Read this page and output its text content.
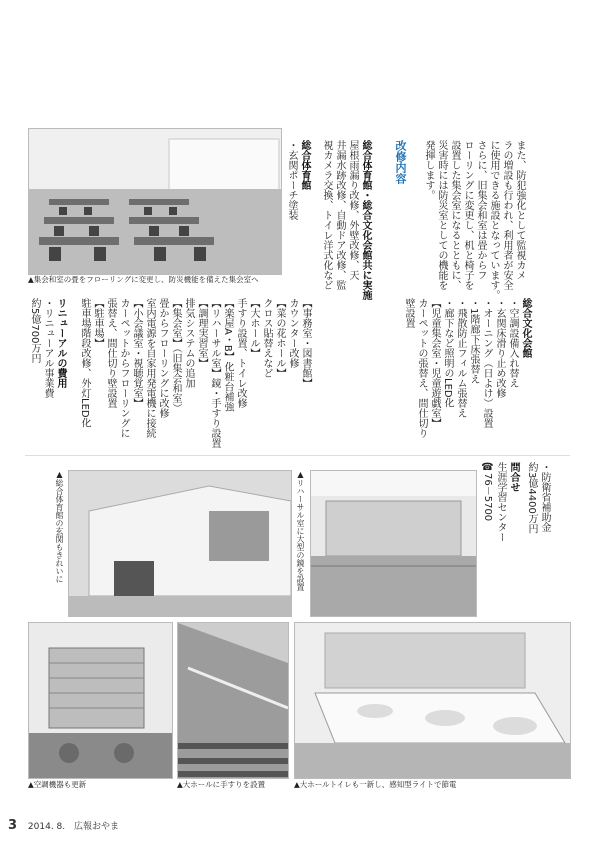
また、防犯強化として監視カメ
ラの増設も行われ、利用者が安全
に使用できる施設となっています。
さらに、旧集会和室は畳からフ
ローリングに変更し、机と椅子を
設置した集会室になるとともに、
災害時には防災室としての機能を
発揮します。
改修内容
総合体育館・総合文化会館共に実施
屋根雨漏り改修、外壁改修、天
井漏水跡改修、自動ドア改修、監
視カメラ交換、トイレ洋式化など
総合体育館
・玄関ポーチ塗装
▲集会和室の畳をフローリングに変更し、防災機能を備えた集会室へ
総合文化会館
・空調設備入れ替え
・玄関床滑り止め改修
・オーニング（日よけ）設置
・1階廊下床張替え
・飛散防止フィルム張替え
・廊下など照明のLED化
【児童集会室・児童遊戯室】
カーペットの張替え、間仕切り
壁設置
【事務室・図書館】
カウンター改修
【菜の花ホール】
クロス貼替えなど
【大ホール】
手すり設置、トイレ改修
【楽屋A・B】化粧台補強
【リハーサル室】鏡・手すり設置
【調理実習室】
排気システムの追加
【集会室】（旧集会和室）
畳からフローリングに改修
室内電源を自家用発電機に接続
【小会議室・視聴覚室】
カーペットからフローリングに
張替え、間仕切り壁設置
【駐車場】
駐車場階段改修、外灯LED化
リニューアルの費用
・リニューアル事業費
約5億700万円
・防衛省補助金
約3億4400万円
問合せ
生涯学習センター
☎76－5700
▲リハーサル室に大型の鏡を設置
▲総合体育館の玄関もきれいに
▲空調機器も更新	▲大ホールに手すりを設置	▲大ホールトイレも一新し、感知型ライトで節電
3 2014. 8. 広報おやま
